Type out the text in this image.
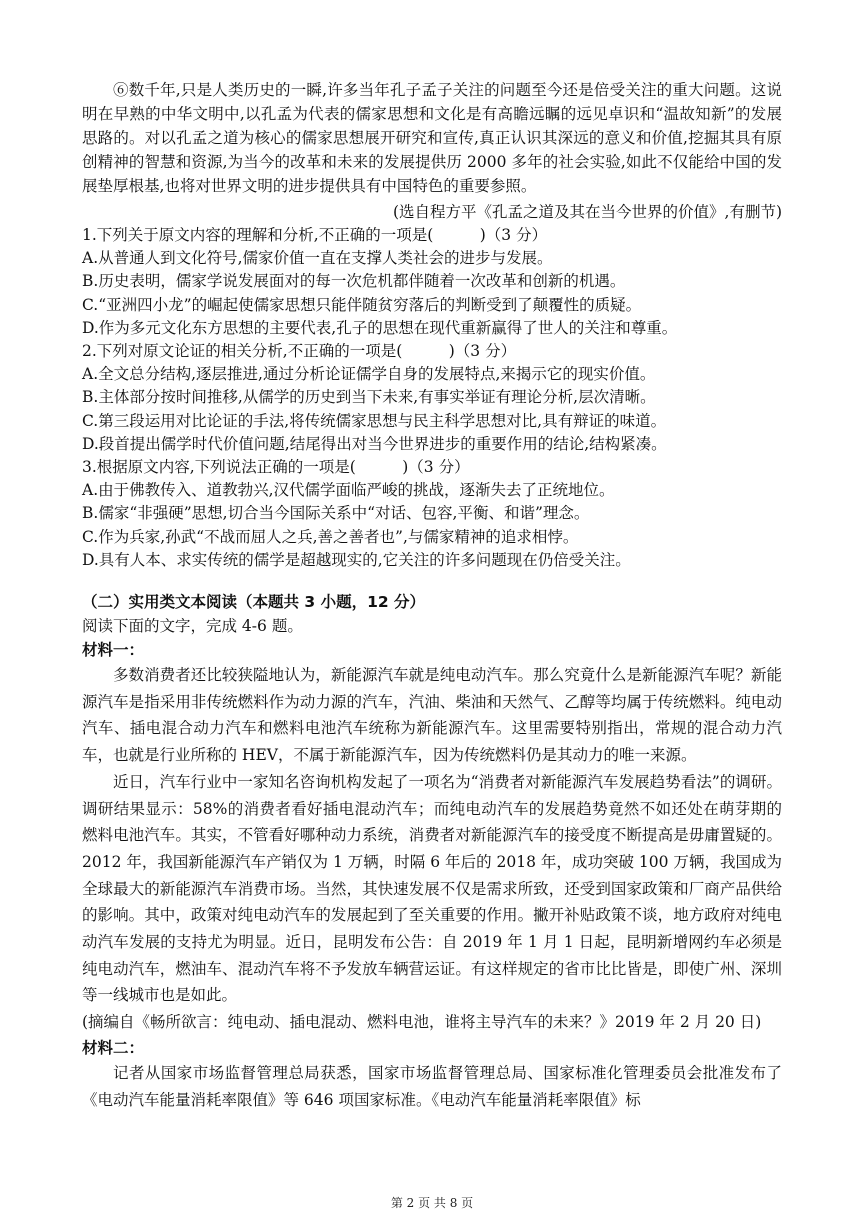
⑥数千年,只是人类历史的一瞬,许多当年孔子孟子关注的问题至今还是倍受关注的重大问题。这说明在早熟的中华文明中,以孔孟为代表的儒家思想和文化是有高瞻远瞩的远见卓识和“温故知新”的发展思路的。对以孔孟之道为核心的儒家思想展开研究和宣传,真正认识其深远的意义和价值,挖掘其具有原创精神的智慧和资源,为当今的改革和未来的发展提供历 2000 多年的社会实验,如此不仅能给中国的发展垫厚根基,也将对世界文明的进步提供具有中国特色的重要参照。

(选自程方平《孔孟之道及其在当今世界的价值》,有删节)

1.下列关于原文内容的理解和分析,不正确的一项是(　　　)（3 分）

A.从普通人到文化符号,儒家价值一直在支撑人类社会的进步与发展。

B.历史表明，儒家学说发展面对的每一次危机都伴随着一次改革和创新的机遇。

C.“亚洲四小龙”的崛起使儒家思想只能伴随贫穷落后的判断受到了颠覆性的质疑。

D.作为多元文化东方思想的主要代表,孔子的思想在现代重新赢得了世人的关注和尊重。

2.下列对原文论证的相关分析,不正确的一项是(　　　)（3 分）

A.全文总分结构,逐层推进,通过分析论证儒学自身的发展特点,来揭示它的现实价值。

B.主体部分按时间推移,从儒学的历史到当下未来,有事实举证有理论分析,层次清晰。

C.第三段运用对比论证的手法,将传统儒家思想与民主科学思想对比,具有辩证的味道。

D.段首提出儒学时代价值问题,结尾得出对当今世界进步的重要作用的结论,结构紧凑。

3.根据原文内容,下列说法正确的一项是(　　　)（3 分）

A.由于佛教传入、道教勃兴,汉代儒学面临严峻的挑战，逐渐失去了正统地位。

B.儒家“非强硬”思想,切合当今国际关系中“对话、包容,平衡、和谐”理念。

C.作为兵家,孙武“不战而屈人之兵,善之善者也”,与儒家精神的追求相悖。

D.具有人本、求实传统的儒学是超越现实的,它关注的许多问题现在仍倍受关注。

（二）实用类文本阅读（本题共 3 小题，12 分）

阅读下面的文字，完成 4-6 题。

材料一：

多数消费者还比较狭隘地认为，新能源汽车就是纯电动汽车。那么究竟什么是新能源汽车呢？新能源汽车是指采用非传统燃料作为动力源的汽车，汽油、柴油和天然气、乙醇等均属于传统燃料。纯电动汽车、插电混合动力汽车和燃料电池汽车统称为新能源汽车。这里需要特别指出，常规的混合动力汽车，也就是行业所称的 HEV，不属于新能源汽车，因为传统燃料仍是其动力的唯一来源。

近日，汽车行业中一家知名咨询机构发起了一项名为“消费者对新能源汽车发展趋势看法”的调研。调研结果显示：58%的消费者看好插电混动汽车；而纯电动汽车的发展趋势竟然不如还处在萌芽期的燃料电池汽车。其实，不管看好哪种动力系统，消费者对新能源汽车的接受度不断提高是毋庸置疑的。2012 年，我国新能源汽车产销仅为 1 万辆，时隔 6 年后的 2018 年，成功突破 100 万辆，我国成为全球最大的新能源汽车消费市场。当然，其快速发展不仅是需求所致，还受到国家政策和厂商产品供给的影响。其中，政策对纯电动汽车的发展起到了至关重要的作用。撇开补贴政策不谈，地方政府对纯电动汽车发展的支持尤为明显。近日，昆明发布公告：自 2019 年 1 月 1 日起，昆明新增网约车必须是纯电动汽车，燃油车、混动汽车将不予发放车辆营运证。有这样规定的省市比比皆是，即使广州、深圳等一线城市也是如此。

(摘编自《畅所欲言：纯电动、插电混动、燃料电池，谁将主导汽车的未来？》2019 年 2 月 20 日)

材料二：

记者从国家市场监督管理总局获悉，国家市场监督管理总局、国家标准化管理委员会批准发布了《电动汽车能量消耗率限值》等 646 项国家标准。《电动汽车能量消耗率限值》标

第 2 页 共 8 页
